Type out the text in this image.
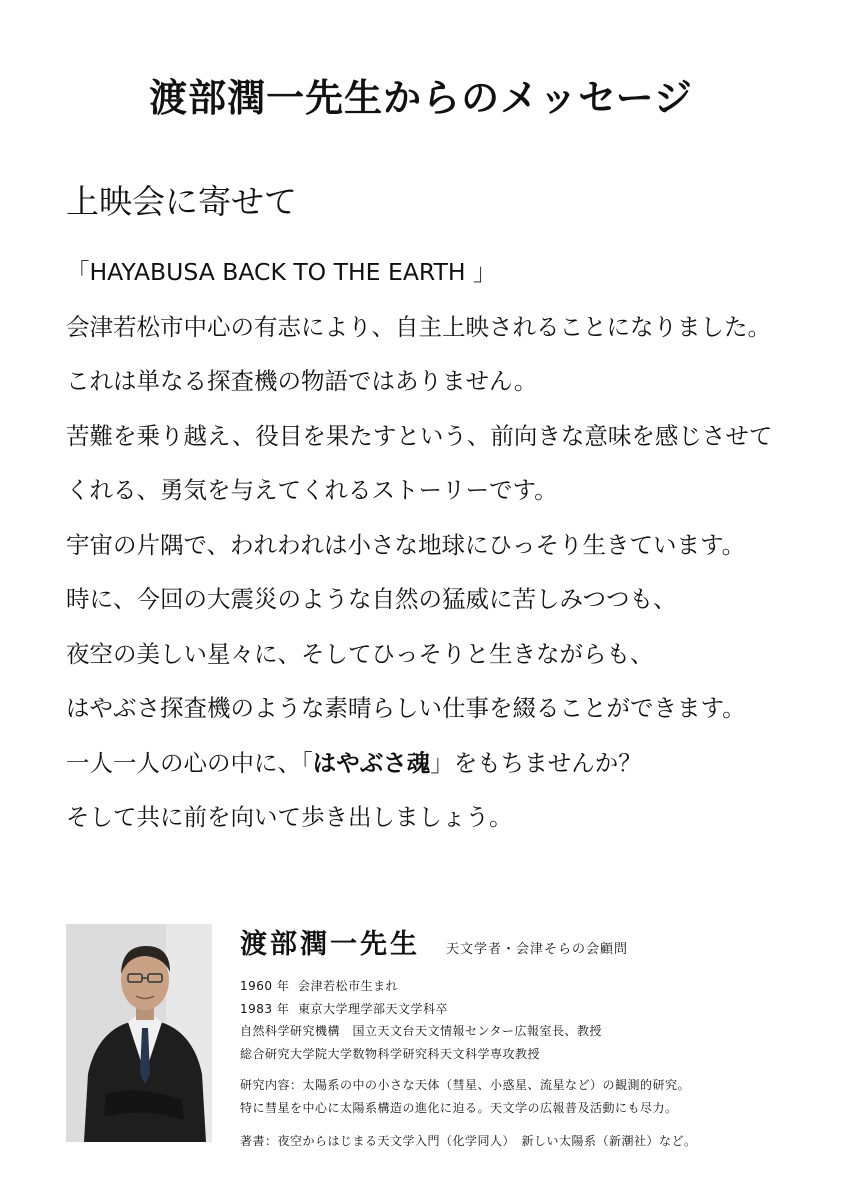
渡部潤一先生からのメッセージ
上映会に寄せて
「HAYABUSA BACK TO THE EARTH 」
会津若松市中心の有志により、自主上映されることになりました。
これは単なる探査機の物語ではありません。
苦難を乗り越え、役目を果たすという、前向きな意味を感じさせて
くれる、勇気を与えてくれるストーリーです。
宇宙の片隅で、われわれは小さな地球にひっそり生きています。
時に、今回の大震災のような自然の猛威に苦しみつつも、
夜空の美しい星々に、そしてひっそりと生きながらも、
はやぶさ探査機のような素晴らしい仕事を綴ることができます。
一人一人の心の中に、「はやぶさ魂」をもちませんか？
そして共に前を向いて歩き出しましょう。
渡部潤一先生 天文学者・会津そらの会顧問
1960 年 会津若松市生まれ
1983 年 東京大学理学部天文学科卒
自然科学研究機構　国立天文台天文情報センター広報室長、教授
総合研究大学院大学数物科学研究科天文科学専攻教授
研究内容：太陽系の中の小さな天体（彗星、小惑星、流星など）の観測的研究。
特に彗星を中心に太陽系構造の進化に迫る。天文学の広報普及活動にも尽力。
著書：夜空からはじまる天文学入門（化学同人）　新しい太陽系（新潮社）など。
